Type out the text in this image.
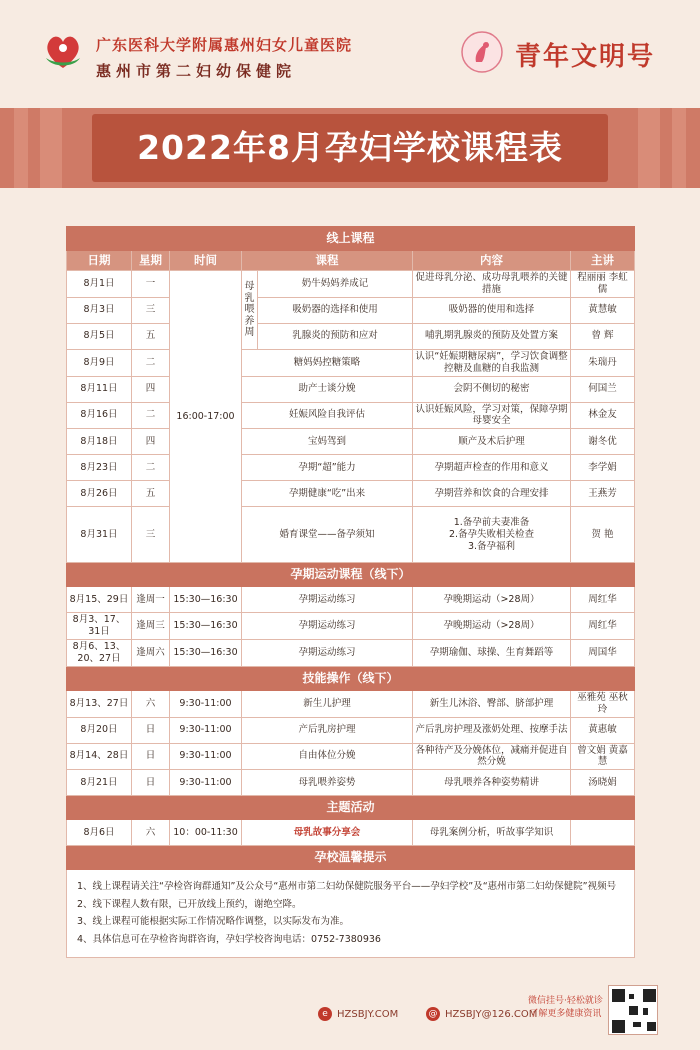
广东医科大学附属惠州妇女儿童医院
惠州市第二妇幼保健院	青年文明号
2022年8月孕妇学校课程表
线上课程						
日期	星期	时间	课程		内容	主讲
8月1日	一	16:00-17:00	母乳喂养周	奶牛妈妈养成记	促进母乳分泌、成功母乳喂养的关键措施	程丽丽 李虹儒
8月3日	三			吸奶器的选择和使用	吸奶器的使用和选择	黄慧敏
8月5日	五			乳腺炎的预防和应对	哺乳期乳腺炎的预防及处置方案	曾 辉
8月9日	二		糖妈妈控糖策略		认识“妊娠期糖尿病”，学习饮食调整控糖及血糖的自我监测	朱瑞丹
8月11日	四		助产士谈分娩		会阴不侧切的秘密	何国兰
8月16日	二		妊娠风险自我评估		认识妊娠风险，学习对策，保障孕期母婴安全	林金友
8月18日	四		宝妈驾到		顺产及术后护理	谢冬优
8月23日	二		孕期“超”能力		孕期超声检查的作用和意义	李学娟
8月26日	五		孕期健康“吃”出来		孕期营养和饮食的合理安排	王燕芳
8月31日	三		婚育课堂——备孕须知		1.备孕前夫妻准备
2.备孕失败相关检查
3.备孕福利	贺 艳
孕期运动课程（线下）						
8月15、29日	逢周一	15:30—16:30	孕期运动练习		孕晚期运动（>28周）	周红华
8月3、17、31日	逢周三	15:30—16:30	孕期运动练习		孕晚期运动（>28周）	周红华
8月6、13、20、27日	逢周六	15:30—16:30	孕期运动练习		孕期瑜伽、球操、生育舞蹈等	周国华
技能操作（线下）						
8月13、27日	六	9:30-11:00	新生儿护理		新生儿沐浴、臀部、脐部护理	巫雅苑 巫秋玲
8月20日	日	9:30-11:00	产后乳房护理		产后乳房护理及涨奶处理、按摩手法	黄惠敏
8月14、28日	日	9:30-11:00	自由体位分娩		各种待产及分娩体位，减痛并促进自然分娩	曾文娟 黄嘉慧
8月21日	日	9:30-11:00	母乳喂养姿势		母乳喂养各种姿势精讲	汤晓娟
主题活动						
8月6日	六	10：00-11:30	母乳故事分享会		母乳案例分析，听故事学知识	
孕校温馨提示						

1、线上课程请关注“孕检咨询群通知”及公众号“惠州市第二妇幼保健院服务平台——孕妇学校”及“惠州市第二妇幼保健院”视频号
2、线下课程人数有限，已开放线上预约，谢绝空降。
3、线上课程可能根据实际工作情况略作调整，以实际发布为准。
4、具体信息可在孕检咨询群咨询，孕妇学校咨询电话：0752-7380936						
e HZSBJY.COM	@ HZSBJY@126.COM
微信挂号·轻松就诊
了解更多健康资讯
